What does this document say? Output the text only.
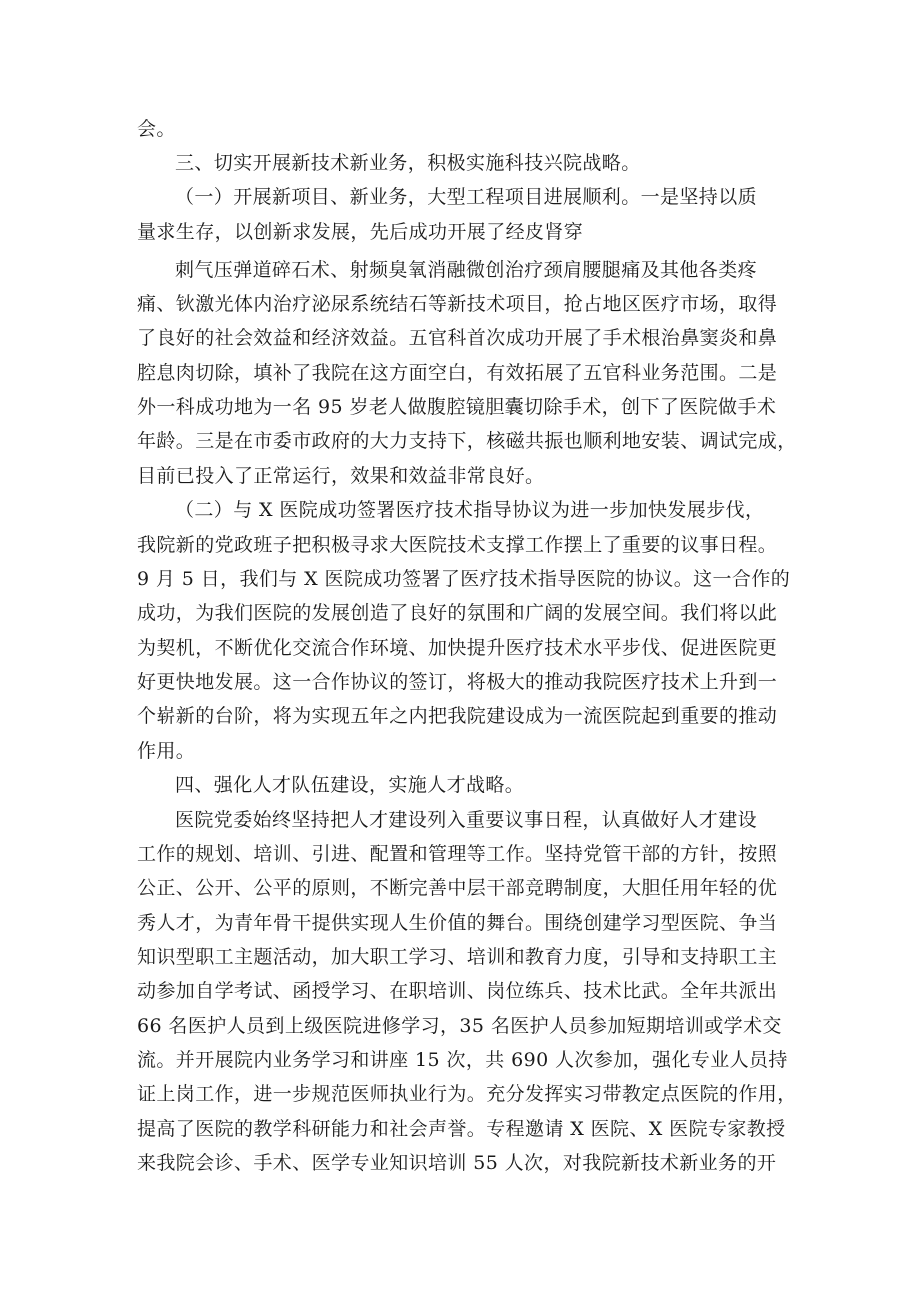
会。
三、切实开展新技术新业务，积极实施科技兴院战略。
（一）开展新项目、新业务，大型工程项目进展顺利。一是坚持以质
量求生存，以创新求发展，先后成功开展了经皮肾穿
刺气压弹道碎石术、射频臭氧消融微创治疗颈肩腰腿痛及其他各类疼
痛、钬激光体内治疗泌尿系统结石等新技术项目，抢占地区医疗市场，取得
了良好的社会效益和经济效益。五官科首次成功开展了手术根治鼻窦炎和鼻
腔息肉切除，填补了我院在这方面空白，有效拓展了五官科业务范围。二是
外一科成功地为一名 95 岁老人做腹腔镜胆囊切除手术，创下了医院做手术
年龄。三是在市委市政府的大力支持下，核磁共振也顺利地安装、调试完成，
目前已投入了正常运行，效果和效益非常良好。
（二）与 X 医院成功签署医疗技术指导协议为进一步加快发展步伐，
我院新的党政班子把积极寻求大医院技术支撑工作摆上了重要的议事日程。
9 月 5 日，我们与 X 医院成功签署了医疗技术指导医院的协议。这一合作的
成功，为我们医院的发展创造了良好的氛围和广阔的发展空间。我们将以此
为契机，不断优化交流合作环境、加快提升医疗技术水平步伐、促进医院更
好更快地发展。这一合作协议的签订，将极大的推动我院医疗技术上升到一
个崭新的台阶，将为实现五年之内把我院建设成为一流医院起到重要的推动
作用。
四、强化人才队伍建设，实施人才战略。
医院党委始终坚持把人才建设列入重要议事日程，认真做好人才建设
工作的规划、培训、引进、配置和管理等工作。坚持党管干部的方针，按照
公正、公开、公平的原则，不断完善中层干部竞聘制度，大胆任用年轻的优
秀人才，为青年骨干提供实现人生价值的舞台。围绕创建学习型医院、争当
知识型职工主题活动，加大职工学习、培训和教育力度，引导和支持职工主
动参加自学考试、函授学习、在职培训、岗位练兵、技术比武。全年共派出
66 名医护人员到上级医院进修学习，35 名医护人员参加短期培训或学术交
流。并开展院内业务学习和讲座 15 次，共 690 人次参加，强化专业人员持
证上岗工作，进一步规范医师执业行为。充分发挥实习带教定点医院的作用，
提高了医院的教学科研能力和社会声誉。专程邀请 X 医院、X 医院专家教授
来我院会诊、手术、医学专业知识培训 55 人次，对我院新技术新业务的开
